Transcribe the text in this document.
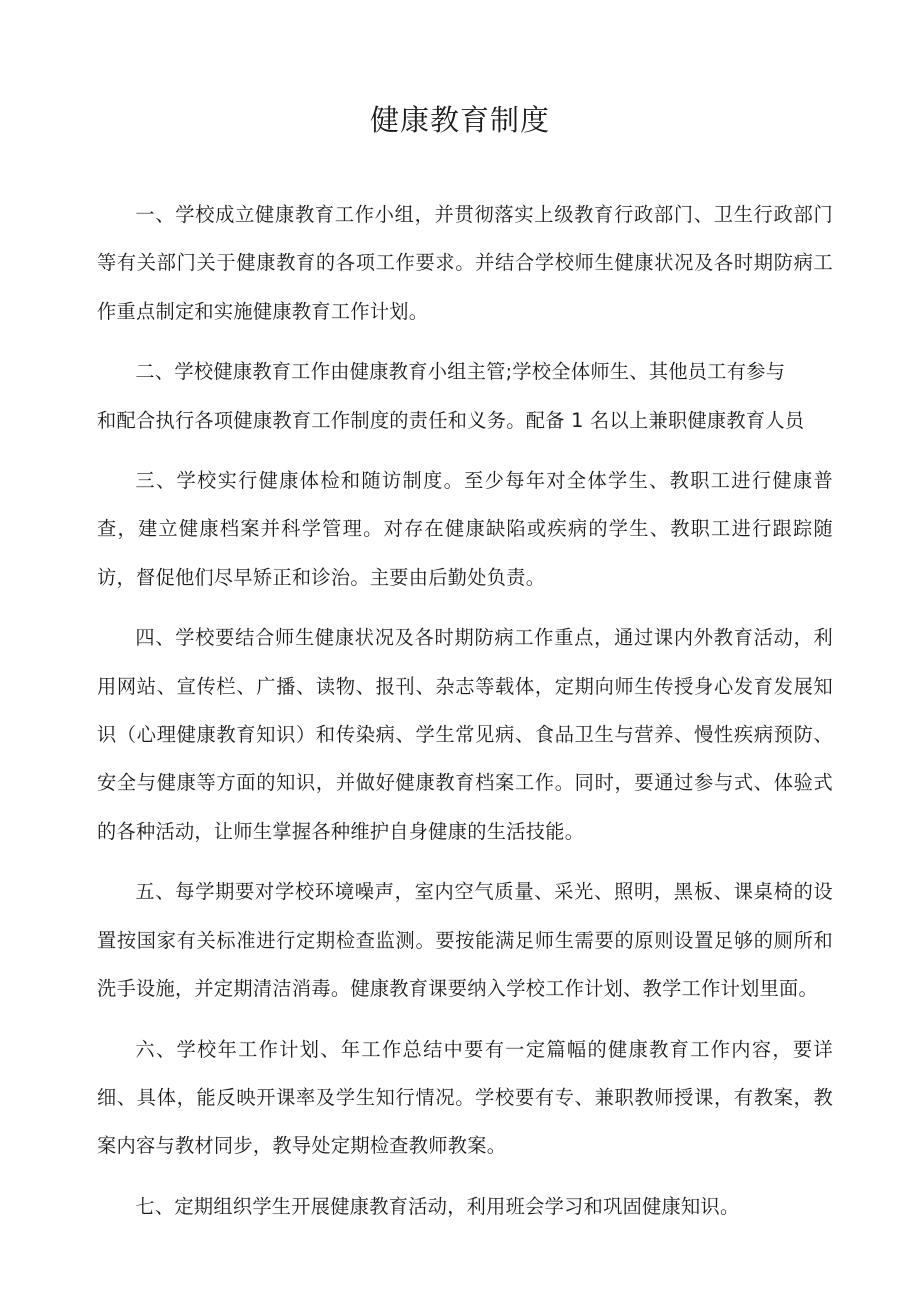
健康教育制度

一、学校成立健康教育工作小组，并贯彻落实上级教育行政部门、卫生行政部门等有关部门关于健康教育的各项工作要求。并结合学校师生健康状况及各时期防病工作重点制定和实施健康教育工作计划。

二、学校健康教育工作由健康教育小组主管;学校全体师生、其他员工有参与
和配合执行各项健康教育工作制度的责任和义务。配备 1 名以上兼职健康教育人员

三、学校实行健康体检和随访制度。至少每年对全体学生、教职工进行健康普查，建立健康档案并科学管理。对存在健康缺陷或疾病的学生、教职工进行跟踪随访，督促他们尽早矫正和诊治。主要由后勤处负责。

四、学校要结合师生健康状况及各时期防病工作重点，通过课内外教育活动，利用网站、宣传栏、广播、读物、报刊、杂志等载体，定期向师生传授身心发育发展知识（心理健康教育知识）和传染病、学生常见病、食品卫生与营养、慢性疾病预防、安全与健康等方面的知识，并做好健康教育档案工作。同时，要通过参与式、体验式的各种活动，让师生掌握各种维护自身健康的生活技能。

五、每学期要对学校环境噪声，室内空气质量、采光、照明，黑板、课桌椅的设置按国家有关标准进行定期检查监测。要按能满足师生需要的原则设置足够的厕所和洗手设施，并定期清洁消毒。健康教育课要纳入学校工作计划、教学工作计划里面。

六、学校年工作计划、年工作总结中要有一定篇幅的健康教育工作内容，要详细、具体，能反映开课率及学生知行情况。学校要有专、兼职教师授课，有教案，教案内容与教材同步，教导处定期检查教师教案。

七、定期组织学生开展健康教育活动，利用班会学习和巩固健康知识。
